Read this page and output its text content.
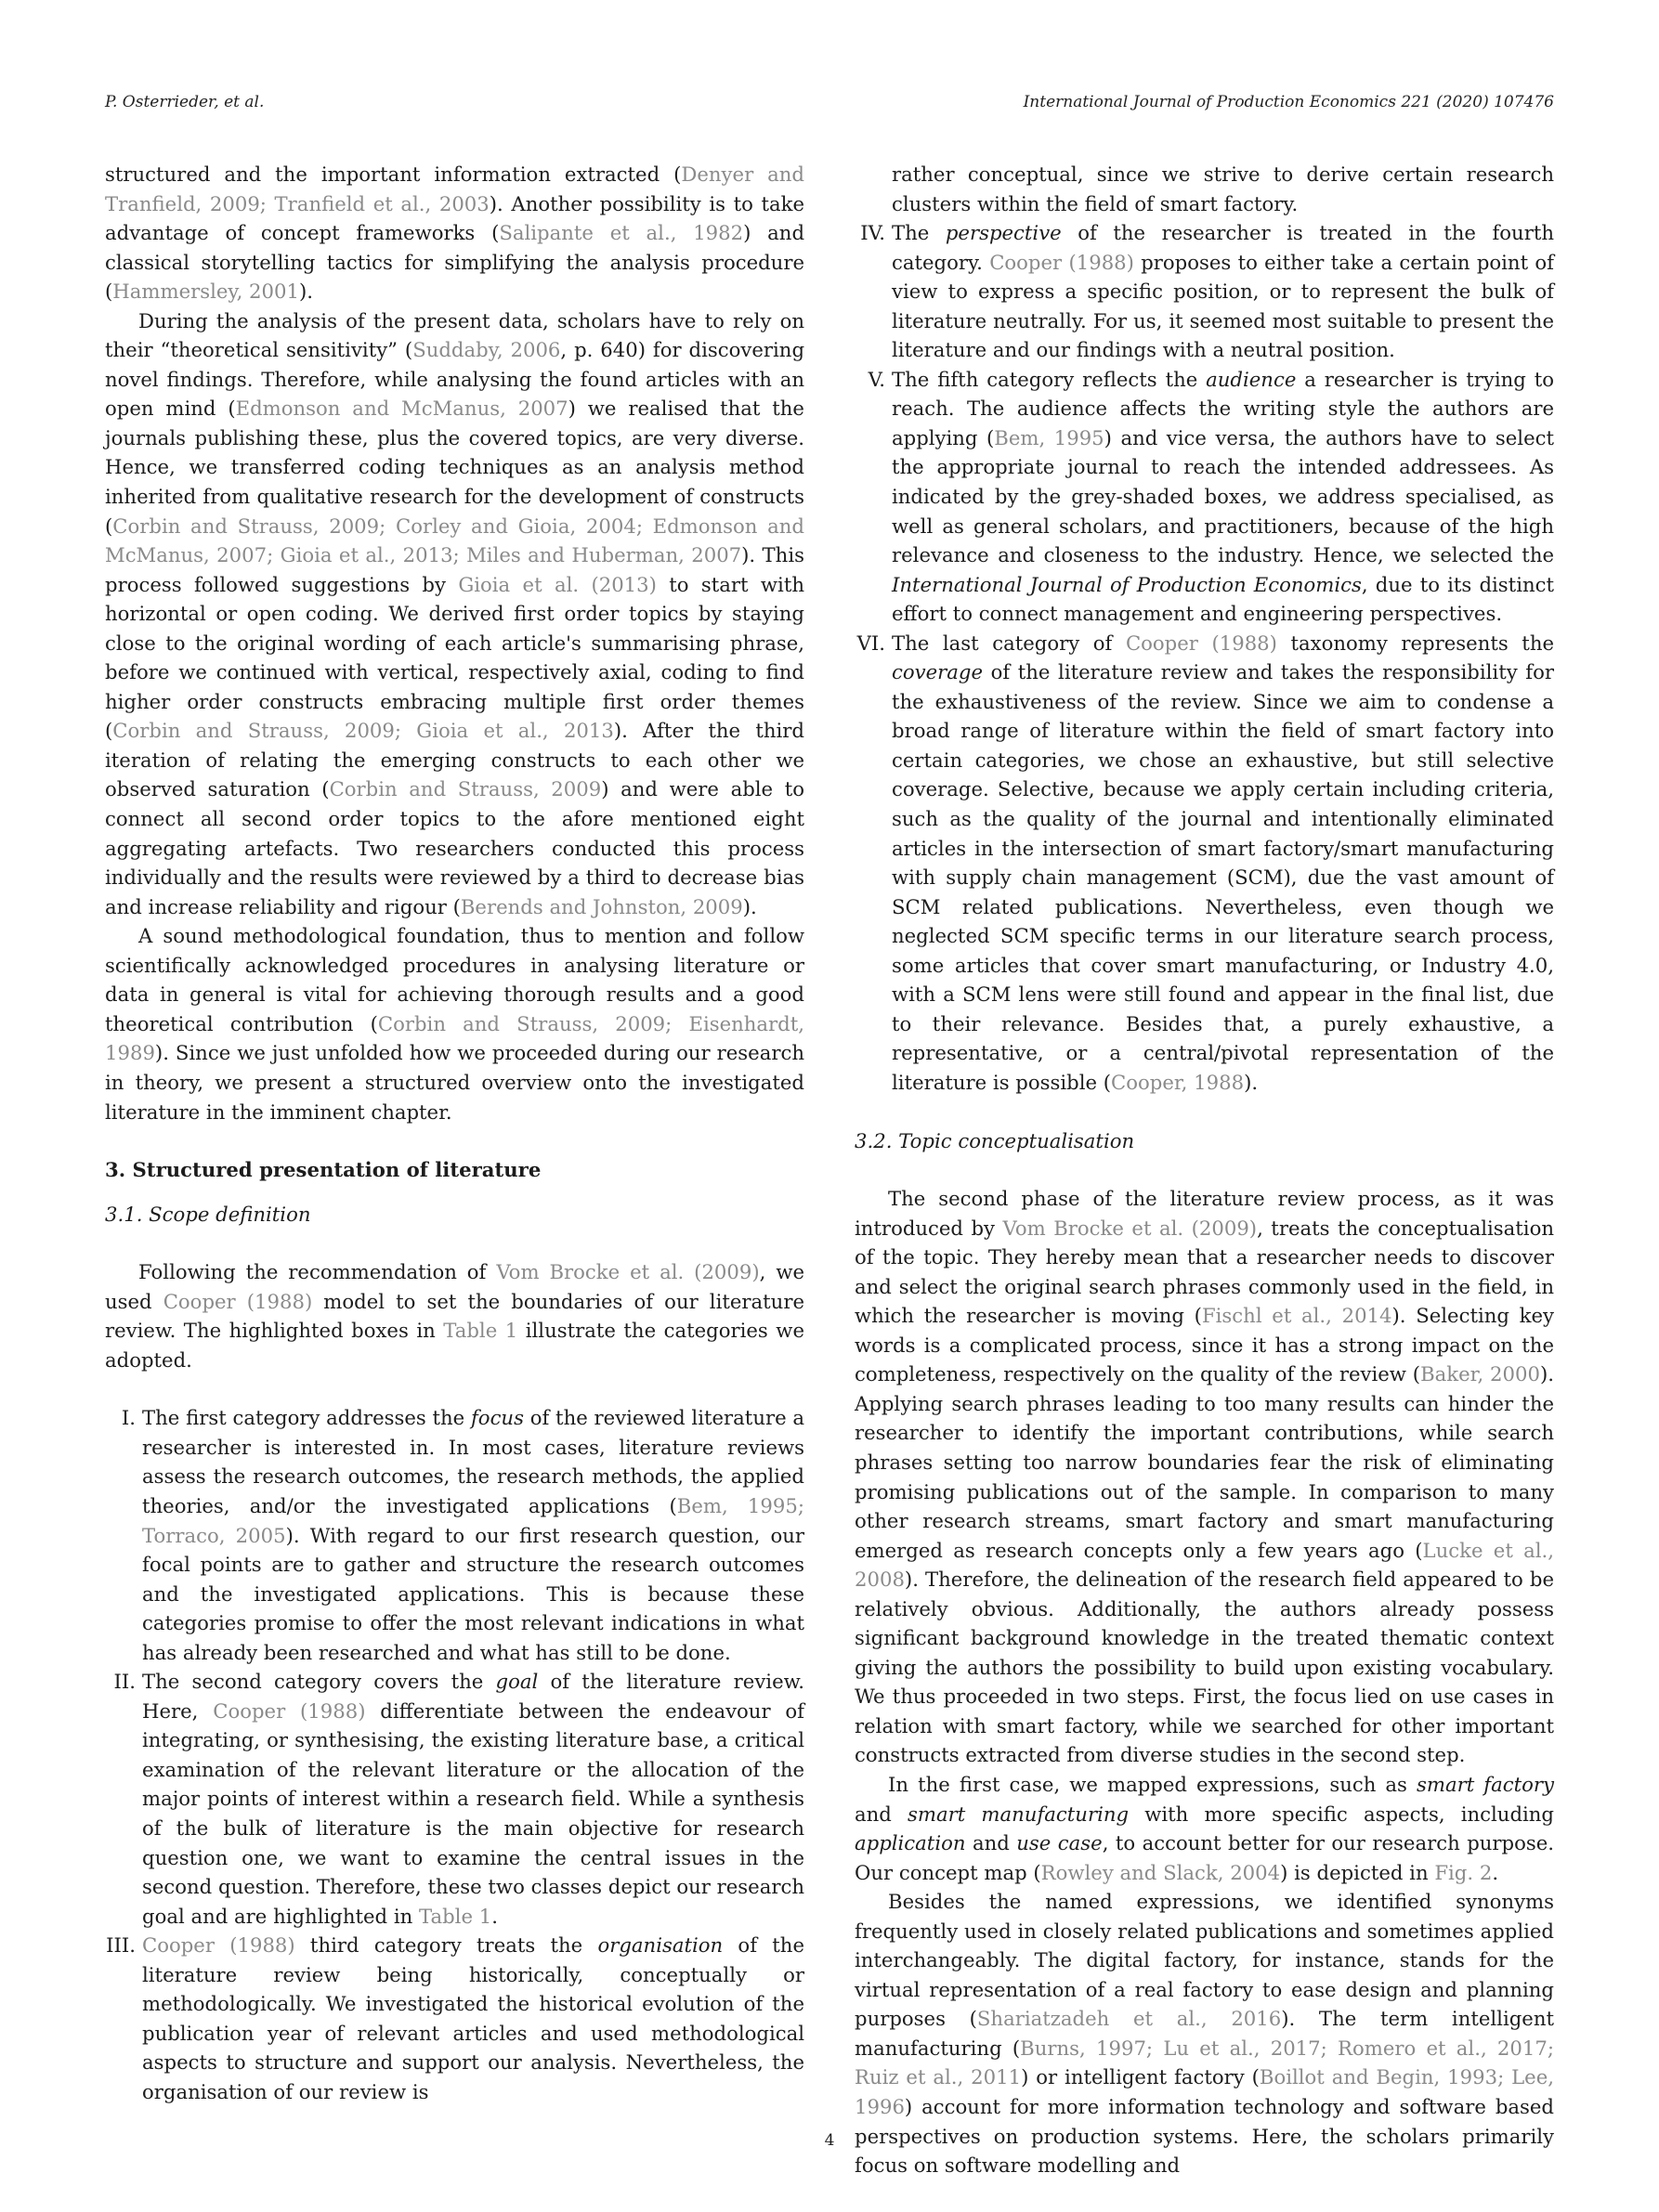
P. Osterrieder, et al.	International Journal of Production Economics 221 (2020) 107476

structured and the important information extracted (Denyer and Tranfield, 2009; Tranfield et al., 2003). Another possibility is to take advantage of concept frameworks (Salipante et al., 1982) and classical storytelling tactics for simplifying the analysis procedure (Hammersley, 2001).

During the analysis of the present data, scholars have to rely on their “theoretical sensitivity” (Suddaby, 2006, p. 640) for discovering novel findings. Therefore, while analysing the found articles with an open mind (Edmonson and McManus, 2007) we realised that the journals publishing these, plus the covered topics, are very diverse. Hence, we transferred coding techniques as an analysis method inherited from qualitative research for the development of constructs (Corbin and Strauss, 2009; Corley and Gioia, 2004; Edmonson and McManus, 2007; Gioia et al., 2013; Miles and Huberman, 2007). This process followed suggestions by Gioia et al. (2013) to start with horizontal or open coding. We derived first order topics by staying close to the original wording of each article's summarising phrase, before we continued with vertical, respectively axial, coding to find higher order constructs embracing multiple first order themes (Corbin and Strauss, 2009; Gioia et al., 2013). After the third iteration of relating the emerging constructs to each other we observed saturation (Corbin and Strauss, 2009) and were able to connect all second order topics to the afore mentioned eight aggregating artefacts. Two researchers conducted this process individually and the results were reviewed by a third to decrease bias and increase reliability and rigour (Berends and Johnston, 2009).

A sound methodological foundation, thus to mention and follow scientifically acknowledged procedures in analysing literature or data in general is vital for achieving thorough results and a good theoretical contribution (Corbin and Strauss, 2009; Eisenhardt, 1989). Since we just unfolded how we proceeded during our research in theory, we present a structured overview onto the investigated literature in the imminent chapter.

3. Structured presentation of literature

3.1. Scope definition

Following the recommendation of Vom Brocke et al. (2009), we used Cooper (1988) model to set the boundaries of our literature review. The highlighted boxes in Table 1 illustrate the categories we adopted.

I. The first category addresses the focus of the reviewed literature a researcher is interested in. In most cases, literature reviews assess the research outcomes, the research methods, the applied theories, and/or the investigated applications (Bem, 1995; Torraco, 2005). With regard to our first research question, our focal points are to gather and structure the research outcomes and the investigated applications. This is because these categories promise to offer the most relevant indications in what has already been researched and what has still to be done.
II. The second category covers the goal of the literature review. Here, Cooper (1988) differentiate between the endeavour of integrating, or synthesising, the existing literature base, a critical examination of the relevant literature or the allocation of the major points of interest within a research field. While a synthesis of the bulk of literature is the main objective for research question one, we want to examine the central issues in the second question. Therefore, these two classes depict our research goal and are highlighted in Table 1.
III. Cooper (1988) third category treats the organisation of the literature review being historically, conceptually or methodologically. We investigated the historical evolution of the publication year of relevant articles and used methodological aspects to structure and support our analysis. Nevertheless, the organisation of our review is

rather conceptual, since we strive to derive certain research clusters within the field of smart factory.

IV. The perspective of the researcher is treated in the fourth category. Cooper (1988) proposes to either take a certain point of view to express a specific position, or to represent the bulk of literature neutrally. For us, it seemed most suitable to present the literature and our findings with a neutral position.
V. The fifth category reflects the audience a researcher is trying to reach. The audience affects the writing style the authors are applying (Bem, 1995) and vice versa, the authors have to select the appropriate journal to reach the intended addressees. As indicated by the grey-shaded boxes, we address specialised, as well as general scholars, and practitioners, because of the high relevance and closeness to the industry. Hence, we selected the International Journal of Production Economics, due to its distinct effort to connect management and engineering perspectives.
VI. The last category of Cooper (1988) taxonomy represents the coverage of the literature review and takes the responsibility for the exhaustiveness of the review. Since we aim to condense a broad range of literature within the field of smart factory into certain categories, we chose an exhaustive, but still selective coverage. Selective, because we apply certain including criteria, such as the quality of the journal and intentionally eliminated articles in the intersection of smart factory/smart manufacturing with supply chain management (SCM), due the vast amount of SCM related publications. Nevertheless, even though we neglected SCM specific terms in our literature search process, some articles that cover smart manufacturing, or Industry 4.0, with a SCM lens were still found and appear in the final list, due to their relevance. Besides that, a purely exhaustive, a representative, or a central/pivotal representation of the literature is possible (Cooper, 1988).

3.2. Topic conceptualisation

The second phase of the literature review process, as it was introduced by Vom Brocke et al. (2009), treats the conceptualisation of the topic. They hereby mean that a researcher needs to discover and select the original search phrases commonly used in the field, in which the researcher is moving (Fischl et al., 2014). Selecting key words is a complicated process, since it has a strong impact on the completeness, respectively on the quality of the review (Baker, 2000). Applying search phrases leading to too many results can hinder the researcher to identify the important contributions, while search phrases setting too narrow boundaries fear the risk of eliminating promising publications out of the sample. In comparison to many other research streams, smart factory and smart manufacturing emerged as research concepts only a few years ago (Lucke et al., 2008). Therefore, the delineation of the research field appeared to be relatively obvious. Additionally, the authors already possess significant background knowledge in the treated thematic context giving the authors the possibility to build upon existing vocabulary. We thus proceeded in two steps. First, the focus lied on use cases in relation with smart factory, while we searched for other important constructs extracted from diverse studies in the second step.

In the first case, we mapped expressions, such as smart factory and smart manufacturing with more specific aspects, including application and use case, to account better for our research purpose. Our concept map (Rowley and Slack, 2004) is depicted in Fig. 2.

Besides the named expressions, we identified synonyms frequently used in closely related publications and sometimes applied interchangeably. The digital factory, for instance, stands for the virtual representation of a real factory to ease design and planning purposes (Shariatzadeh et al., 2016). The term intelligent manufacturing (Burns, 1997; Lu et al., 2017; Romero et al., 2017; Ruiz et al., 2011) or intelligent factory (Boillot and Begin, 1993; Lee, 1996) account for more information technology and software based perspectives on production systems. Here, the scholars primarily focus on software modelling and

4
